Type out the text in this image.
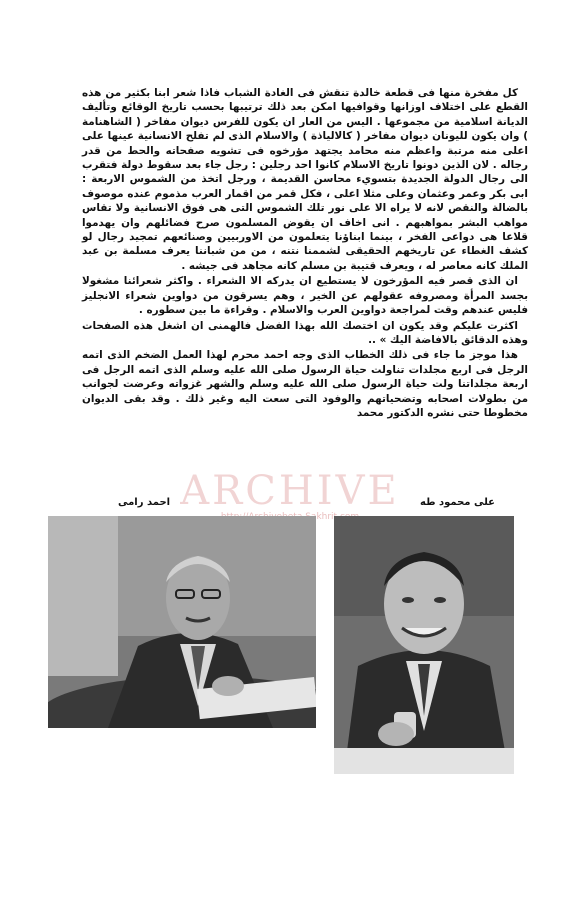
كل مفخرة منها فى قطعة خالدة تنقش فى الغادة الشباب فاذا شعر ابنا بكثير من هذه القطع على اختلاف اوزانها وقوافيها امكن بعد ذلك ترتيبها بحسب تاريخ الوقائع وتأليف الديانة اسلامية من مجموعها . اليس من العار ان يكون للفرس ديوان مفاخر ( الشاهنامة ) وان يكون لليونان ديوان مفاخر ( كالالياذة ) والاسلام الذى لم تفلح الانسانية عينها على اعلى منه مرتبة واعظم منه محامد يجتهد مؤرخوه فى تشويه صفحاته والحط من قدر رجاله . لان الذين دونوا تاريخ الاسلام كانوا احد رجلين : رجل جاء بعد سقوط دولة فتقرب الى رجال الدولة الجديدة بتسويء محاسن القديمة ، ورجل اتخذ من الشموس الاربعة : ابى بكر وعمر وعثمان وعلى مثلا اعلى ، فكل قمر من اقمار العرب مذموم عنده موصوف بالضالة والنقص لانه لا يراه الا على نور تلك الشموس التى هى فوق الانسانية ولا تقاس مواهب البشر بمواهبهم . انى اخاف ان يقوض المسلمون صرح فضائلهم وان يهدموا قلاعا هى دواعى الفخر ، بينما ابناؤنا يتعلمون من الاوربيين وصنائعهم تمجيد رجال لو كشف الغطاء عن تاريخهم الحقيقى لشممنا نتنه ، من من شباننا يعرف مسلمة بن عبد الملك كانه معاصر له ، ويعرف قتيبة بن مسلم كانه مجاهد فى جيشه .

ان الذى قصر فيه المؤرخون لا يستطيع ان يدركه الا الشعراء . واكثر شعرائنا مشغولا بجسد المرأة ومصروفه عقولهم عن الخير ، وهم يسرقون من دواوين شعراء الانجليز فليس عندهم وقت لمراجعة دواوين العرب والاسلام . وقراءة ما بين سطوره .

اكثرت عليكم وقد يكون ان اختصك الله بهذا الفضل فالهمنى ان اشغل هذه الصفحات وهذه الدقائق بالافاضة اليك » ..

هذا موجز ما جاء فى ذلك الخطاب الذى وجه احمد محرم لهذا العمل الضخم الذى اتمه الرجل فى اربع مجلدات تناولت حياة الرسول صلى الله عليه وسلم الذى اتمه الرجل فى اربعة مجلداتنا ولت حياة الرسول صلى الله عليه وسلم والشهر غزواته وعرضت لجوانب من بطولات اصحابه وتضحياتهم والوفود التى سعت اليه وغير ذلك . وقد بقى الديوان مخطوطا حتى نشره الدكتور محمد

ARCHIVE
احمد رامى	على محمود طه
